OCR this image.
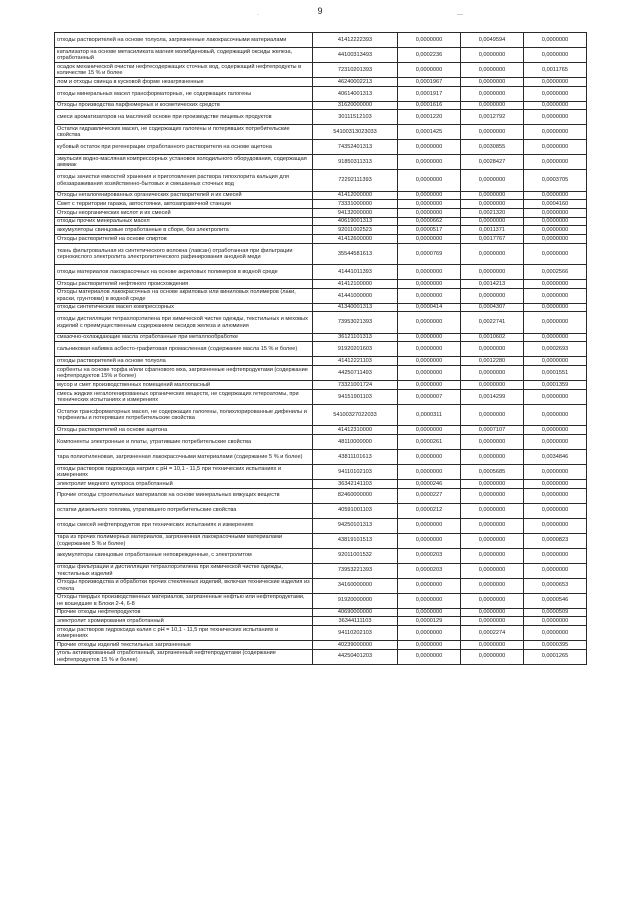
9
·	—
отходы растворителей на основе толуола, загрязненные лакокрасочными материалами	41412222393	0,0000000	0,0049594	0,0000000
катализатор на основе метасиликата магния молибденовый, содержащий оксиды железа, отработанный	44100313493	0,0002236	0,0000000	0,0000000
осадок механической очистки нефтесодержащих сточных вод, содержащий нефтепродукты в количестве 15 % и более	72310201393	0,0000000	0,0000000	0,0011765
лом и отходы свинца в кусковой форме незагрязненные	46240002213	0,0001967	0,0000000	0,0000000
отходы минеральных масел трансформаторных, не содержащих галогены	40614001313	0,0001917	0,0000000	0,0000000
Отходы производства парфюмерных и косметических средств	31620000000	0,0001616	0,0000000	0,0000000
смеси ароматизаторов на масляной основе при производстве пищевых продуктов	30111512103	0,0001220	0,0012792	0,0000000
Остатки гидравлических масел, не содержащих галогены и потерявших потребительские свойства	54100313023033	0,0001425	0,0000000	0,0000000
кубовый остаток при регенерации отработанного растворителя на основе ацетона	74352401313	0,0000000	0,0030855	0,0000000
эмульсия водно-масляная компрессорных установок холодильного оборудования, содержащая аммиак	91850311313	0,0000000	0,0028427	0,0000000
отходы зачистки емкостей хранения и приготовления раствора гипохлорита кальция для обеззараживания хозяйственно-бытовых и смешанных сточных вод	72292111393	0,0000000	0,0000000	0,0003705
Отходы негалогенированных органических растворителей и их смесей	41412000000	0,0000000	0,0000000	0,0000000
Смет с территории гаража, автостоянки, автозаправочной станции	73331000000	0,0000000	0,0000000	0,0004160
Отходы неорганических кислот и их смесей	94132000000	0,0000000	0,0021320	0,0000000
отходы прочих минеральных масел	40619001313	0,0000662	0,0000000	0,0000000
аккумуляторы свинцовые отработанные в сборе, без электролита	92011002523	0,0000517	0,0011371	0,0000000
Отходы растворителей на основе спиртов	41412600000	0,0000000	0,0017767	0,0000000
ткань фильтровальная из синтетического волокна (лавсан) отработанная при фильтрации сернокислого электролита электролитического рафинирования анодной меди	35544581613	0,0000769	0,0000000	0,0000000
отходы материалов лакокрасочных на основе акриловых полимеров в водной среде	41441011393	0,0000000	0,0000000	0,0002566
Отходы растворителей нефтяного происхождения	41412100000	0,0000000	0,0014213	0,0000000
Отходы материалов лакокрасочных на основе акриловых или виниловых полимеров (лаки, краски, грунтовки) в водной среде	41441000000	0,0000000	0,0000000	0,0000000
отходы синтетических масел компрессорных	41340001313	0,0000414	0,0004307	0,0000000
отходы дистилляции тетрахлорэтилена при химической чистке одежды, текстильных и меховых изделий с преимущественным содержанием оксидов железа и алюминия	73953021393	0,0000000	0,0022741	0,0000000
смазочно-охлаждающие масла отработанные при металлообработке	36121101313	0,0000000	0,0010602	0,0000000
сальниковая набивка асбесто-графитовая промасленная (содержание масла 15 % и более)	91920201603	0,0000000	0,0000000	0,0002693
отходы растворителей на основе толуола	41412221103	0,0000000	0,0012280	0,0000000
сорбенты на основе торфа и/или сфагнового мха, загрязненные нефтепродуктами (содержание нефтепродуктов 15% и более)	44250711493	0,0000000	0,0000000	0,0001551
мусор и смет производственных помещений малоопасный	73321001724	0,0000000	0,0000000	0,0001359
смесь жидких негалогенированных органических веществ, не содержащих гетероатомы, при технических испытаниях и измерениях	94151901103	0,0000007	0,0014299	0,0000000
Остатки трансформаторных масел, не содержащих галогены, полихлорированные дифенилы и терфенилы и потерявших потребительские свойства	54100327022033	0,0000311	0,0000000	0,0000000
Отходы растворителей на основе ацетона	41412310000	0,0000000	0,0007107	0,0000000
Компоненты электронные и платы, утратившие потребительские свойства	48110000000	0,0000261	0,0000000	0,0000000
тара полиэтиленовая, загрязненная лакокрасочными материалами (содержание 5 % и более)	43811101613	0,0000000	0,0000000	0,0034846
отходы растворов гидроксида натрия с pH = 10,1 - 11,5 при технических испытаниях и измерениях	94110102103	0,0000000	0,0005685	0,0000000
электролит медного купороса отработанный	36342141103	0,0000246	0,0000000	0,0000000
Прочие отходы строительных материалов на основе минеральных вяжущих веществ	82460000000	0,0000227	0,0000000	0,0000000
остатки дизельного топлива, утратившего потребительские свойства	40591001103	0,0000212	0,0000000	0,0000000
отходы смесей нефтепродуктов при технических испытаниях и измерениях	94250101313	0,0000000	0,0000000	0,0000000
тара из прочих полимерных материалов, загрязненная лакокрасочными материалами (содержание 5 % и более)	43819101513	0,0000000	0,0000000	0,0000823
аккумуляторы свинцовые отработанные неповрежденные, с электролитом	92011001532	0,0000203	0,0000000	0,0000000
отходы фильтрации и дистилляции тетрахлорэтилена при химической чистке одежды, текстильных изделий	73953221393	0,0000203	0,0000000	0,0000000
Отходы производства и обработки прочих стеклянных изделий, включая технические изделия из стекла	34160000000	0,0000000	0,0000000	0,0000653
Отходы твердых производственных материалов, загрязненные нефтью или нефтепродуктами, не вошедшие в Блоки 2-4, 6-8	91920000000	0,0000000	0,0000000	0,0000546
Прочие отходы нефтепродуктов	40690000000	0,0000000	0,0000000	0,0000509
электролит хромирования отработанный	36344111103	0,0000129	0,0000000	0,0000000
отходы растворов гидроксида калия с pH = 10,1 - 11,5 при технических испытаниях и измерениях	94110202103	0,0000000	0,0002274	0,0000000
Прочие отходы изделий текстильных загрязненные	40239000000	0,0000000	0,0000000	0,0000395
уголь активированный отработанный, загрязненный нефтепродуктами (содержание нефтепродуктов 15 % и более)	44250401203	0,0000000	0,0000000	0,0001265
